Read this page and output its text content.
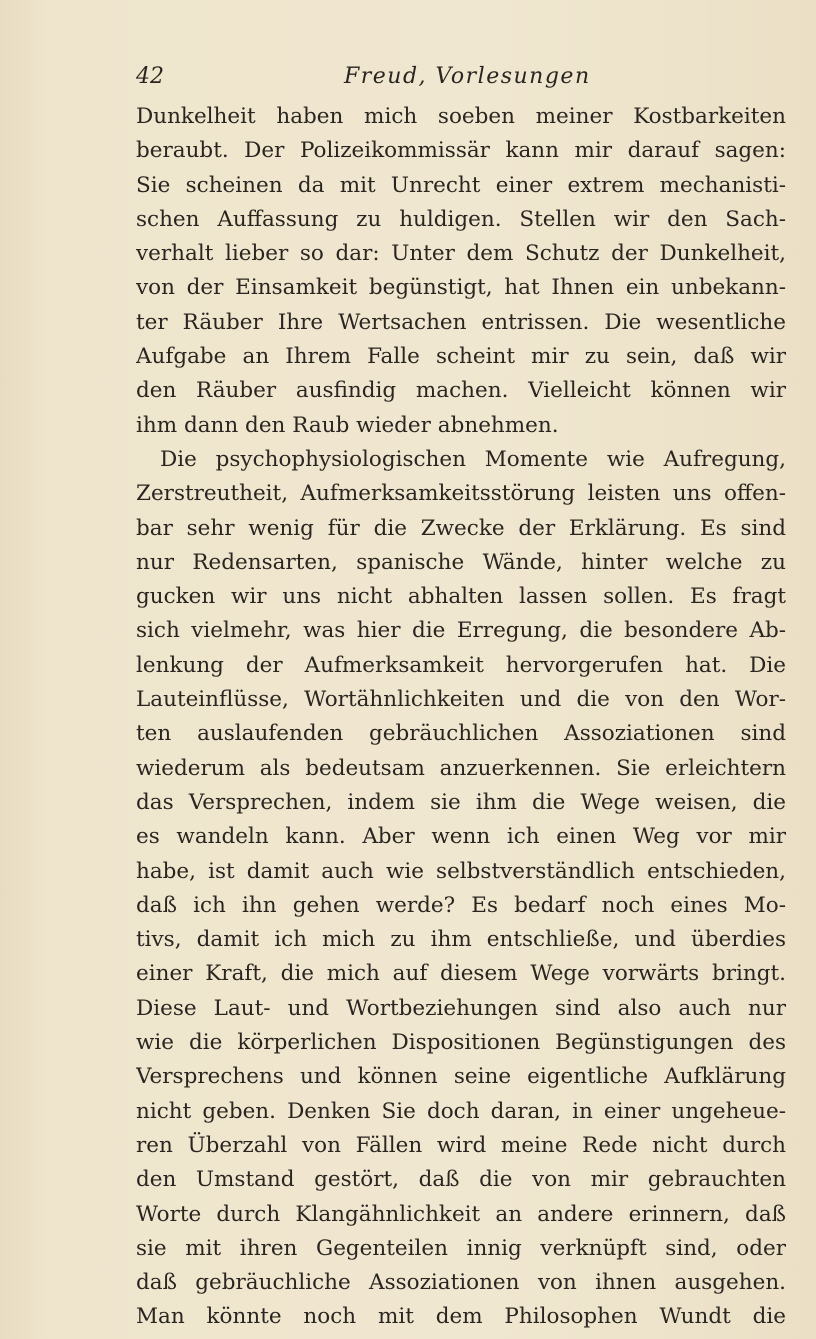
42	Freud, Vorlesungen
Dunkelheit haben mich soeben meiner Kostbarkeiten
beraubt. Der Polizeikommissär kann mir darauf sagen:
Sie scheinen da mit Unrecht einer extrem mechanisti-
schen Auffassung zu huldigen. Stellen wir den Sach-
verhalt lieber so dar: Unter dem Schutz der Dunkelheit,
von der Einsamkeit begünstigt, hat Ihnen ein unbekann-
ter Räuber Ihre Wertsachen entrissen. Die wesentliche
Aufgabe an Ihrem Falle scheint mir zu sein, daß wir
den Räuber ausfindig machen. Vielleicht können wir
ihm dann den Raub wieder abnehmen.
Die psychophysiologischen Momente wie Aufregung,
Zerstreutheit, Aufmerksamkeitsstörung leisten uns offen-
bar sehr wenig für die Zwecke der Erklärung. Es sind
nur Redensarten, spanische Wände, hinter welche zu
gucken wir uns nicht abhalten lassen sollen. Es fragt
sich vielmehr, was hier die Erregung, die besondere Ab-
lenkung der Aufmerksamkeit hervorgerufen hat. Die
Lauteinflüsse, Wortähnlichkeiten und die von den Wor-
ten auslaufenden gebräuchlichen Assoziationen sind
wiederum als bedeutsam anzuerkennen. Sie erleichtern
das Versprechen, indem sie ihm die Wege weisen, die
es wandeln kann. Aber wenn ich einen Weg vor mir
habe, ist damit auch wie selbstverständlich entschieden,
daß ich ihn gehen werde? Es bedarf noch eines Mo-
tivs, damit ich mich zu ihm entschließe, und überdies
einer Kraft, die mich auf diesem Wege vorwärts bringt.
Diese Laut- und Wortbeziehungen sind also auch nur
wie die körperlichen Dispositionen Begünstigungen des
Versprechens und können seine eigentliche Aufklärung
nicht geben. Denken Sie doch daran, in einer ungeheue-
ren Überzahl von Fällen wird meine Rede nicht durch
den Umstand gestört, daß die von mir gebrauchten
Worte durch Klangähnlichkeit an andere erinnern, daß
sie mit ihren Gegenteilen innig verknüpft sind, oder
daß gebräuchliche Assoziationen von ihnen ausgehen.
Man könnte noch mit dem Philosophen Wundt die
